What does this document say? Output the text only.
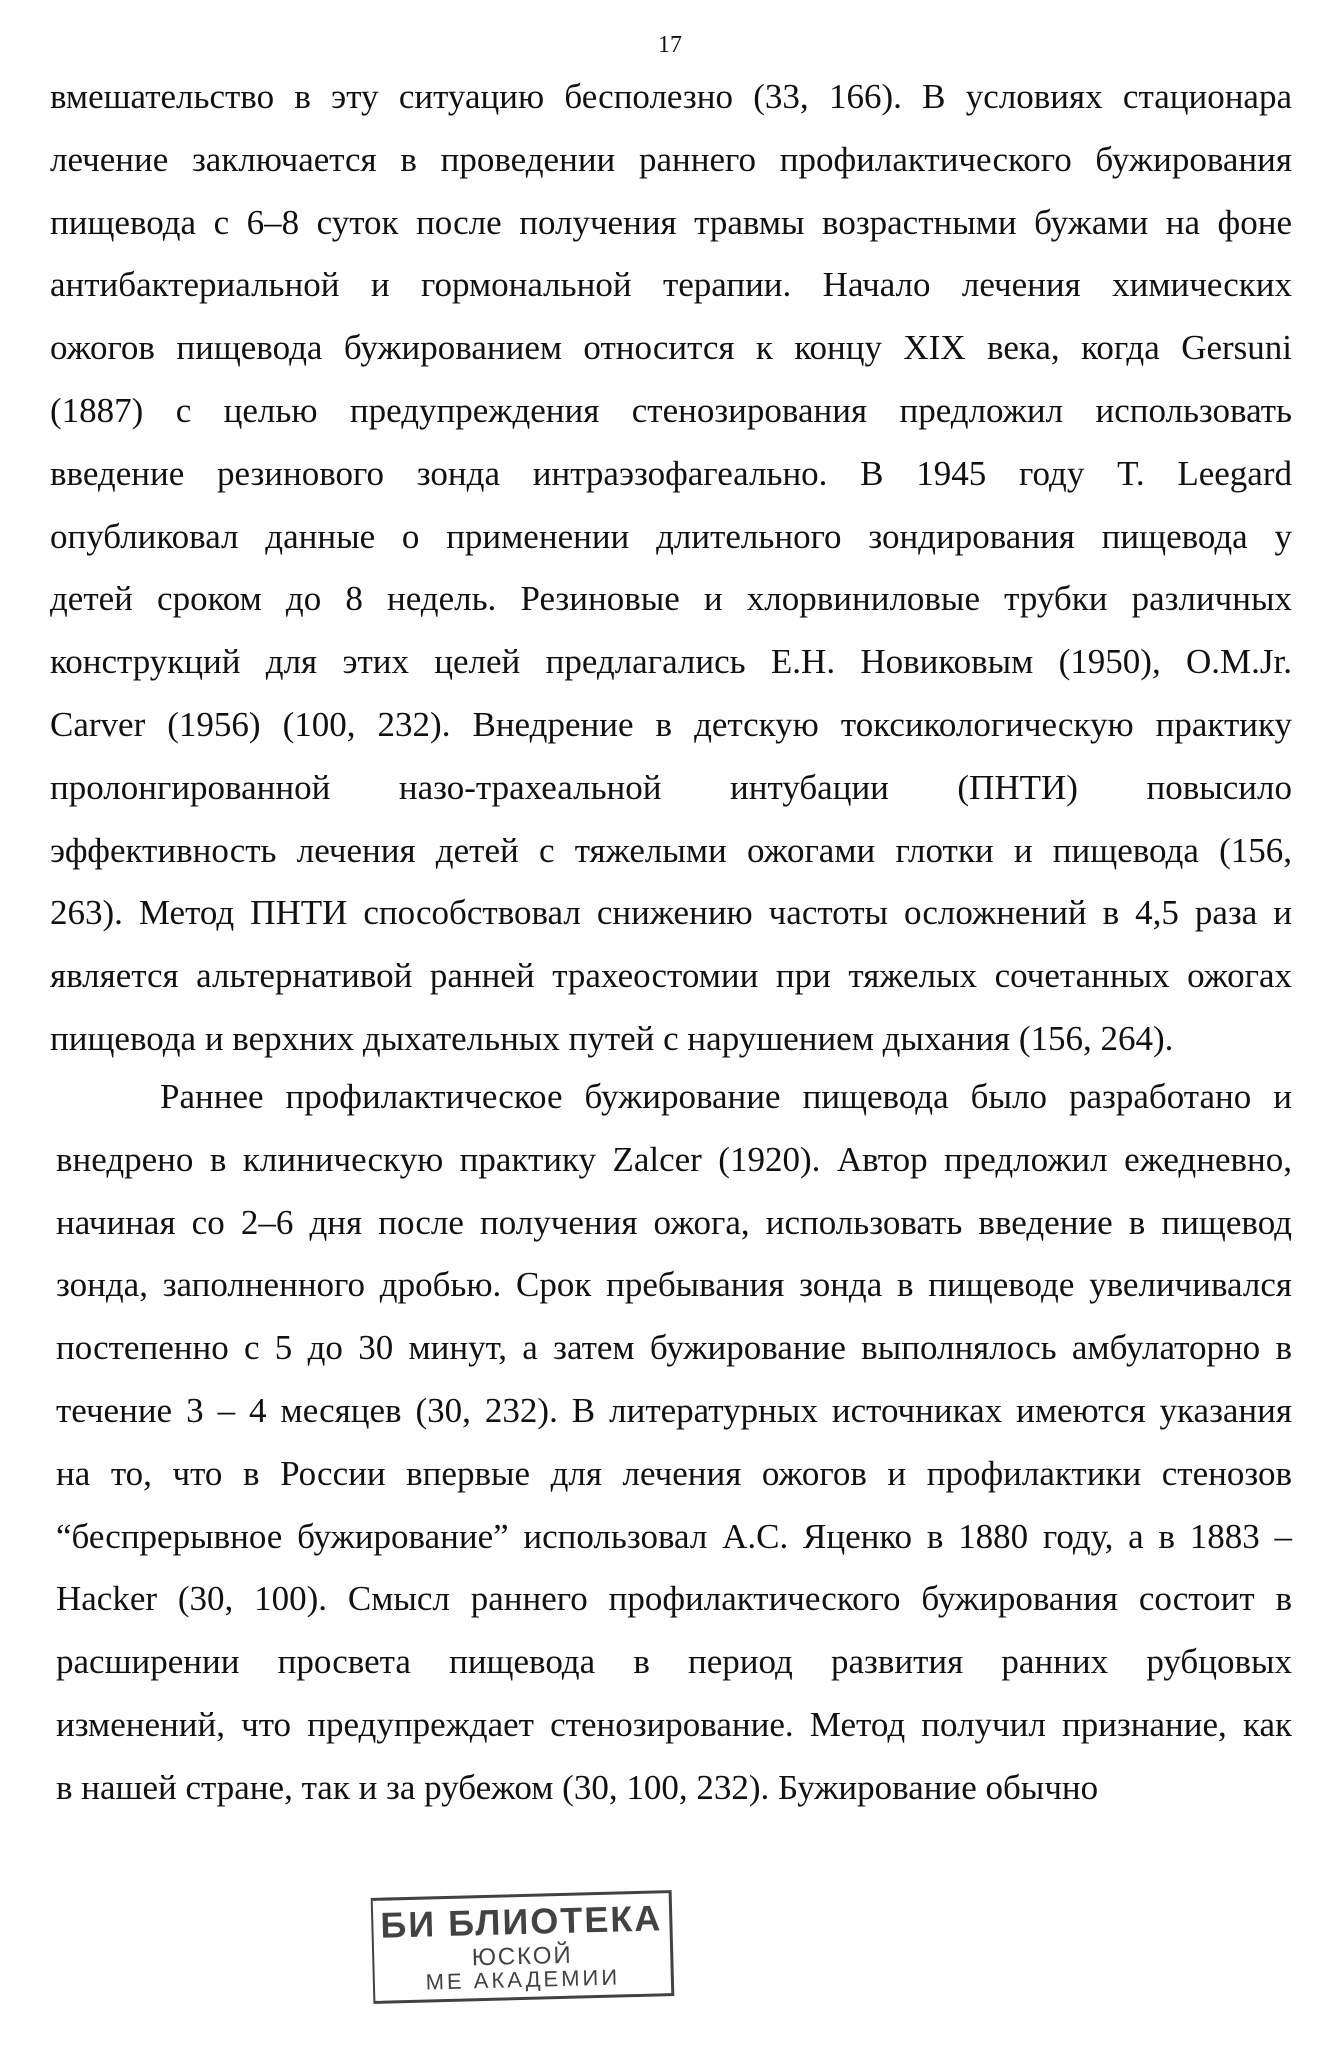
17
вмешательство в эту ситуацию бесполезно (33, 166). В условиях стационара
лечение заключается в проведении раннего профилактического бужирования
пищевода с 6–8 суток после получения травмы возрастными бужами на фоне
антибактериальной и гормональной терапии. Начало лечения химических
ожогов пищевода бужированием относится к концу XIX века, когда Gersuni
(1887) с целью предупреждения стенозирования предложил использовать
введение резинового зонда интраэзофагеально. В 1945 году T. Leegard
опубликовал данные о применении длительного зондирования пищевода у
детей сроком до 8 недель. Резиновые и хлорвиниловые трубки различных
конструкций для этих целей предлагались Е.Н. Новиковым (1950), O.M.Jr.
Carver (1956) (100, 232). Внедрение в детскую токсикологическую практику
пролонгированной назо-трахеальной интубации (ПНТИ) повысило
эффективность лечения детей с тяжелыми ожогами глотки и пищевода (156,
263). Метод ПНТИ способствовал снижению частоты осложнений в 4,5 раза и
является альтернативой ранней трахеостомии при тяжелых сочетанных ожогах
пищевода и верхних дыхательных путей с нарушением дыхания (156, 264).
Раннее профилактическое бужирование пищевода было разработано и
внедрено в клиническую практику Zalcer (1920). Автор предложил ежедневно,
начиная со 2–6 дня после получения ожога, использовать введение в пищевод
зонда, заполненного дробью. Срок пребывания зонда в пищеводе увеличивался
постепенно с 5 до 30 минут, а затем бужирование выполнялось амбулаторно в
течение 3 – 4 месяцев (30, 232). В литературных источниках имеются указания
на то, что в России впервые для лечения ожогов и профилактики стенозов
“беспрерывное бужирование” использовал А.С. Яценко в 1880 году, а в 1883 –
Hacker (30, 100). Смысл раннего профилактического бужирования состоит в
расширении просвета пищевода в период развития ранних рубцовых
изменений, что предупреждает стенозирование. Метод получил признание, как
в нашей стране, так и за рубежом (30, 100, 232). Бужирование обычно
БИ БЛИОТЕКА
ЮСКОЙ
МЕ АКАДЕМИИ
